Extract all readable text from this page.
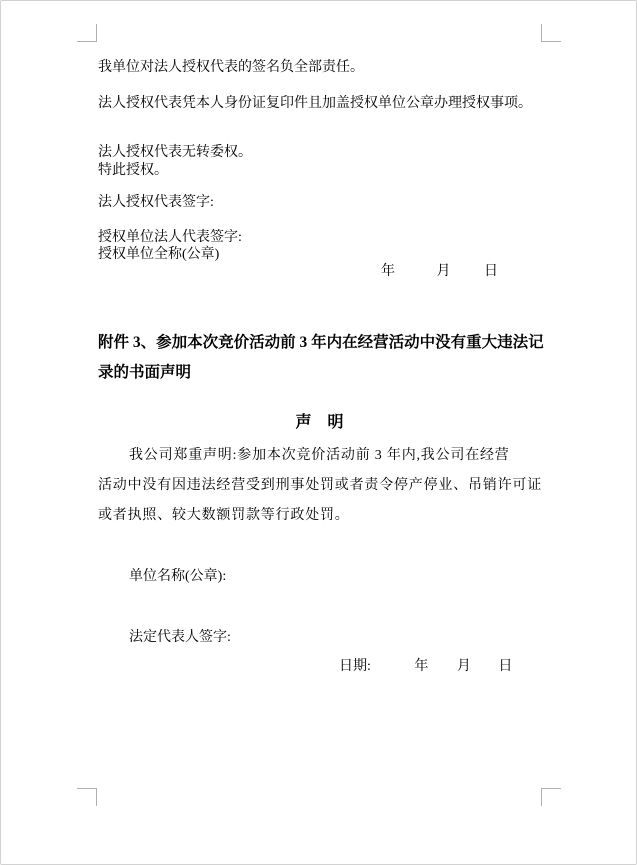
我单位对法人授权代表的签名负全部责任。

法人授权代表凭本人身份证复印件且加盖授权单位公章办理授权事项。

法人授权代表无转委权。

特此授权。

法人授权代表签字:

授权单位法人代表签字:

授权单位全称(公章)

年	月 日

附件 3、参加本次竞价活动前 3 年内在经营活动中没有重大违法记

录的书面声明

声　明

我公司郑重声明:参加本次竞价活动前 3 年内,我公司在经营

活动中没有因违法经营受到刑事处罚或者责令停产停业、吊销许可证

或者执照、较大数额罚款等行政处罚。

单位名称(公章):

法定代表人签字:

日期:	年 月 日
